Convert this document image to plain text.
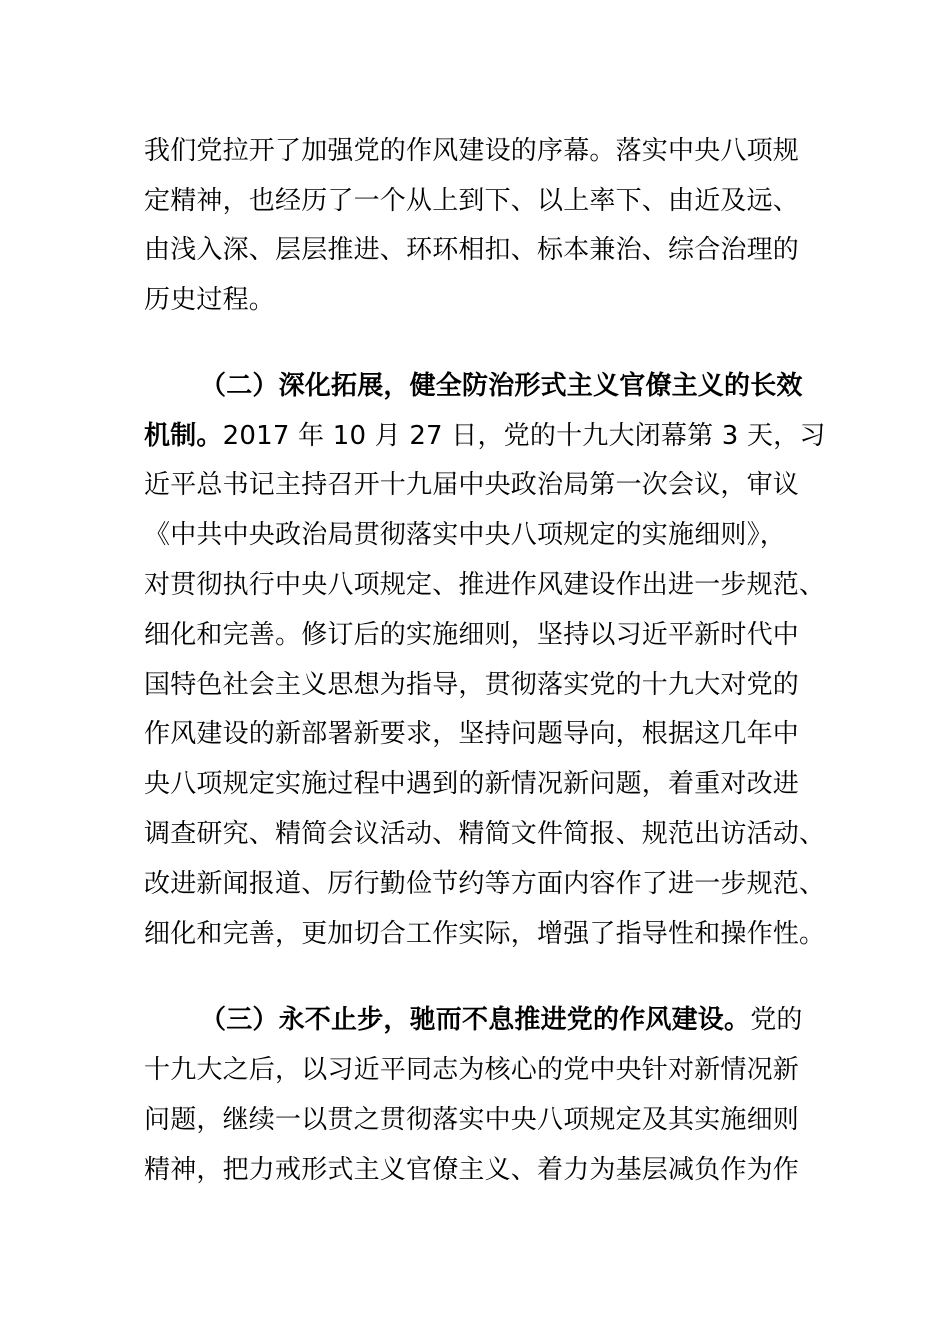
我们党拉开了加强党的作风建设的序幕。落实中央八项规
定精神，也经历了一个从上到下、以上率下、由近及远、
由浅入深、层层推进、环环相扣、标本兼治、综合治理的
历史过程。
（二）深化拓展，健全防治形式主义官僚主义的长效
机制。2017 年 10 月 27 日，党的十九大闭幕第 3 天，习
近平总书记主持召开十九届中央政治局第一次会议，审议
《中共中央政治局贯彻落实中央八项规定的实施细则》，
对贯彻执行中央八项规定、推进作风建设作出进一步规范、
细化和完善。修订后的实施细则，坚持以习近平新时代中
国特色社会主义思想为指导，贯彻落实党的十九大对党的
作风建设的新部署新要求，坚持问题导向，根据这几年中
央八项规定实施过程中遇到的新情况新问题，着重对改进
调查研究、精简会议活动、精简文件简报、规范出访活动、
改进新闻报道、厉行勤俭节约等方面内容作了进一步规范、
细化和完善，更加切合工作实际，增强了指导性和操作性。
（三）永不止步，驰而不息推进党的作风建设。党的
十九大之后，以习近平同志为核心的党中央针对新情况新
问题，继续一以贯之贯彻落实中央八项规定及其实施细则
精神，把力戒形式主义官僚主义、着力为基层减负作为作
